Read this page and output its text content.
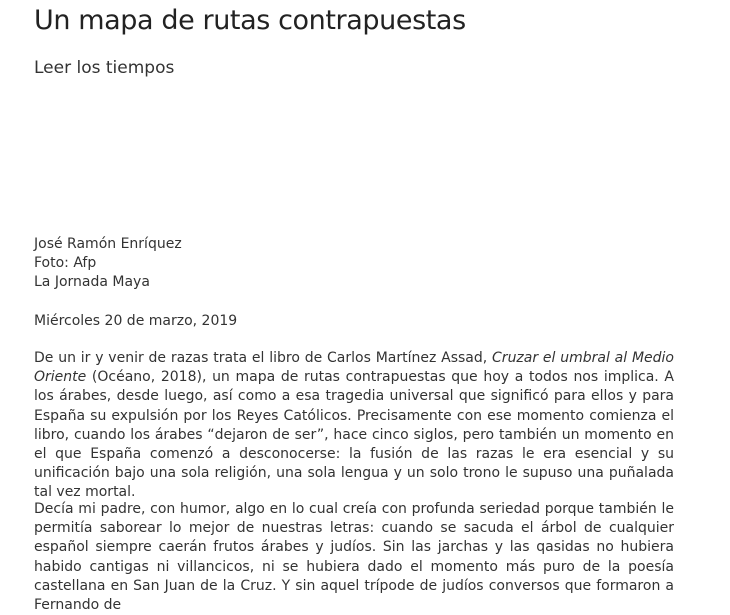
Un mapa de rutas contrapuestas
Leer los tiempos
José Ramón Enríquez
Foto: Afp
La Jornada Maya
Miércoles 20 de marzo, 2019

De un ir y venir de razas trata el libro de Carlos Martínez Assad, Cruzar el umbral al Medio Oriente (Océano, 2018), un mapa de rutas contrapuestas que hoy a todos nos implica. A los árabes, desde luego, así como a esa tragedia universal que significó para ellos y para España su expulsión por los Reyes Católicos. Precisamente con ese momento comienza el libro, cuando los árabes “dejaron de ser”, hace cinco siglos, pero también un momento en el que España comenzó a desconocerse: la fusión de las razas le era esencial y su unificación bajo una sola religión, una sola lengua y un solo trono le supuso una puñalada tal vez mortal.

Decía mi padre, con humor, algo en lo cual creía con profunda seriedad porque también le permitía saborear lo mejor de nuestras letras: cuando se sacuda el árbol de cualquier español siempre caerán frutos árabes y judíos. Sin las jarchas y las qasidas no hubiera habido cantigas ni villancicos, ni se hubiera dado el momento más puro de la poesía castellana en San Juan de la Cruz. Y sin aquel trípode de judíos conversos que formaron a Fernando de
